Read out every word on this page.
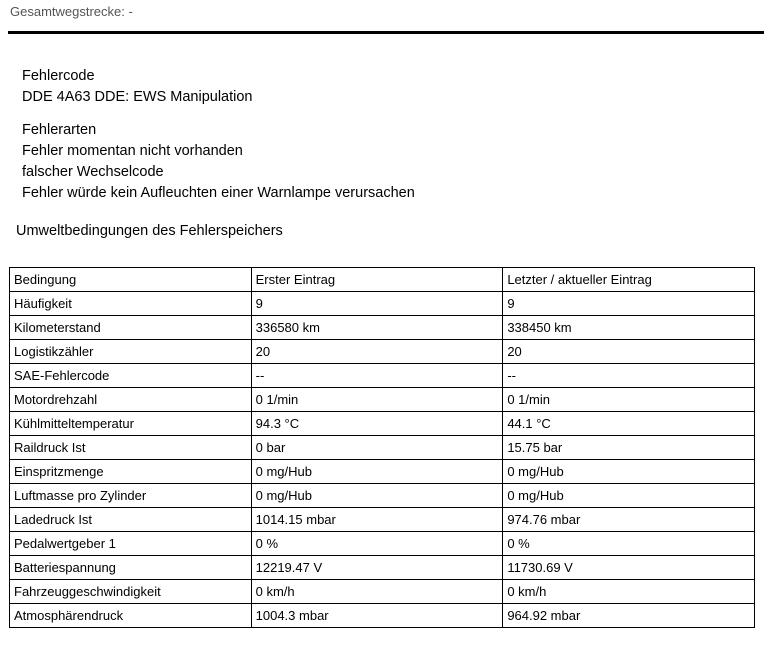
Gesamtwegstrecke: -
Fehlercode
DDE 4A63 DDE: EWS Manipulation
Fehlerarten
Fehler momentan nicht vorhanden
falscher Wechselcode
Fehler würde kein Aufleuchten einer Warnlampe verursachen
Umweltbedingungen des Fehlerspeichers
Bedingung	Erster Eintrag	Letzter / aktueller Eintrag
Häufigkeit	9	9
Kilometerstand	336580 km	338450 km
Logistikzähler	20	20
SAE-Fehlercode	--	--
Motordrehzahl	0 1/min	0 1/min
Kühlmitteltemperatur	94.3 °C	44.1 °C
Raildruck Ist	0 bar	15.75 bar
Einspritzmenge	0 mg/Hub	0 mg/Hub
Luftmasse pro Zylinder	0 mg/Hub	0 mg/Hub
Ladedruck Ist	1014.15 mbar	974.76 mbar
Pedalwertgeber 1	0 %	0 %
Batteriespannung	12219.47 V	11730.69 V
Fahrzeuggeschwindigkeit	0 km/h	0 km/h
Atmosphärendruck	1004.3 mbar	964.92 mbar
